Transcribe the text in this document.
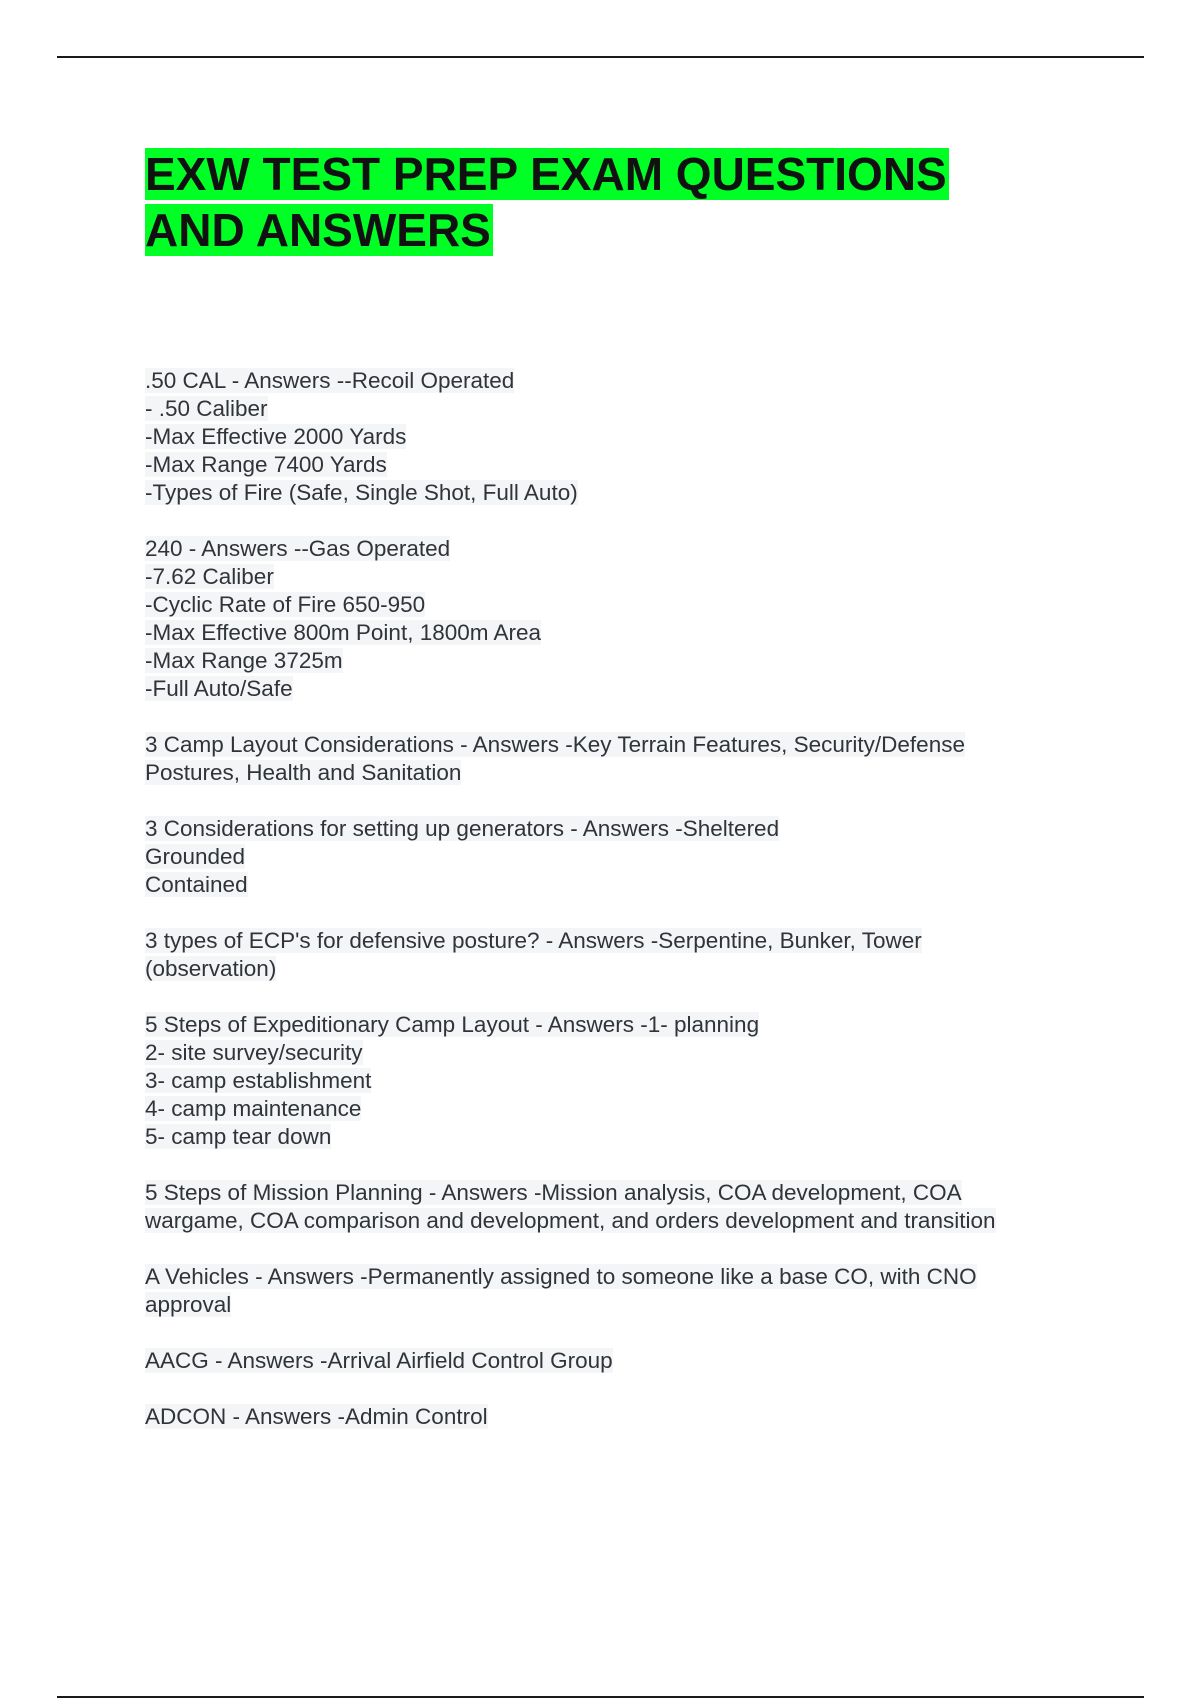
EXW TEST PREP EXAM QUESTIONS
AND ANSWERS
.50 CAL - Answers --Recoil Operated
- .50 Caliber
-Max Effective 2000 Yards
-Max Range 7400 Yards
-Types of Fire (Safe, Single Shot, Full Auto)
240 - Answers --Gas Operated
-7.62 Caliber
-Cyclic Rate of Fire 650-950
-Max Effective 800m Point, 1800m Area
-Max Range 3725m
-Full Auto/Safe
3 Camp Layout Considerations - Answers -Key Terrain Features, Security/Defense
Postures, Health and Sanitation
3 Considerations for setting up generators - Answers -Sheltered
Grounded
Contained
3 types of ECP's for defensive posture? - Answers -Serpentine, Bunker, Tower
(observation)
5 Steps of Expeditionary Camp Layout - Answers -1- planning
2- site survey/security
3- camp establishment
4- camp maintenance
5- camp tear down
5 Steps of Mission Planning - Answers -Mission analysis, COA development, COA
wargame, COA comparison and development, and orders development and transition
A Vehicles - Answers -Permanently assigned to someone like a base CO, with CNO
approval
AACG - Answers -Arrival Airfield Control Group
ADCON - Answers -Admin Control
